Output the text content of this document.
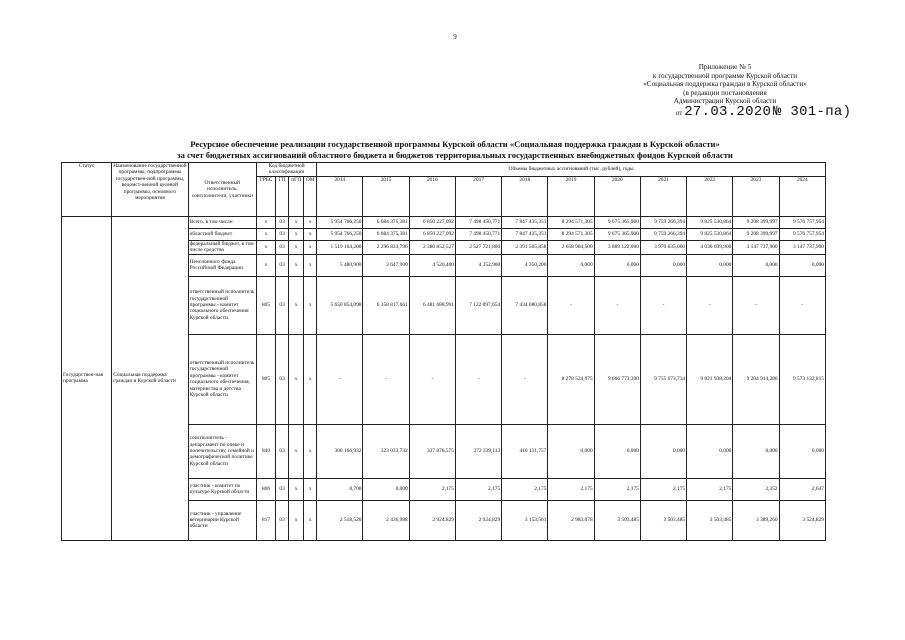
9
Приложение № 5
к государственной программе Курской области
«Социальная поддержка граждан в Курской области»
(в редакции постановления
Администрации Курской области
от 27.03.2020 № 301-па)
Ресурсное обеспечение реализации государственной программы Курской области «Социальная поддержка граждан в Курской области»
за счет бюджетных ассигнований областного бюджета и бюджетов территориальных государственных внебюджетных фондов Курской области
Статус	Наименование государственной программы, подпрограммы государствен-ной программы, ведомст-венной целевой программы, основного мероприятия	Ответственный исполнитель, соисполнители, участники	Код бюджетной классификации				Объемы бюджетных ассигнований (тыс. рублей), годы										
			ГРБС	ГП	пГП	ОМ	2014	2015	2016	2017	2018	2019	2020	2021	2022	2023	2024
Государствен-ная программа	Социальная поддержка граждан в Курской области	Всего, в том числе:	х	03	х	х	5 954 766,250	6 684 375,381	6 850 227,092	7 498 450,771	7 847 435,351	8 294 571,305	9 675 365,900	9 759 266,394	9 825 530,864	9 208 399,997	9 576 757,954
		областной бюджет	х	03	х	х	5 954 766,250	6 684 375,381	6 850 227,092	7 498 450,771	7 847 435,351	8 294 571,305	9 675 365,900	9 759 266,394	9 825 530,864	9 208 399,997	9 576 757,954
		федеральный бюджет, в том числе средства	х	03	х	х	1 519 164,200	2 296 833,796	2 380 852,527	2 527 721,800	2 391 505,858	2 658 984,500	3 889 122,000	3 970 635,000	4 036 699,900	3 147 737,900	3 147 737,900
		Пенсионного фонда Российской Федерации	х	03	х	х	5 480,900	3 647,900	4 520,400	4 352,900	4 350,200	0,000	0,000	0,000	0,000	0,000	0,000
		ответственный исполнитель государственной программы - комитет социального обеспечения Курской области	805	03	х	х	5 650 854,098	6 358 817,661	6 481 688,991	7 122 097,654	7 434 080,858	-	-	-	-	-	-
		ответственный исполнитель государственной программы - комитет социального обеспечения, материнства и детства Курской области	805	03	х	х	-	-	-	-	-	8 278 524,975	9 666 773,300	9 755 673,734	9 821 938,204	9 204 914,286	9 573 132,815
		соисполнитель - департамент по опеке и попечительству, семейной и демографической политике Курской области	840	03	х	х	300 166,932	323 033,732	337 878,575	372 339,113	410 131,757	0,000	0,000	0,000	0,000	0,000	0,000
		участник - комитет по культуре Курской области	806	03	х	х	8,700	0,000	2,175	2,175	2,175	2,175	2,175	2,175	2,175	2,352	2,647
		участник - управление ветеринарии Курской области	817	03	х	х	2 518,520	2 436,988	2 924,829	2 924,829	3 153,561	2 983,078	3 503,485	3 503,485	3 503,485	3 389,260	3 524,829
